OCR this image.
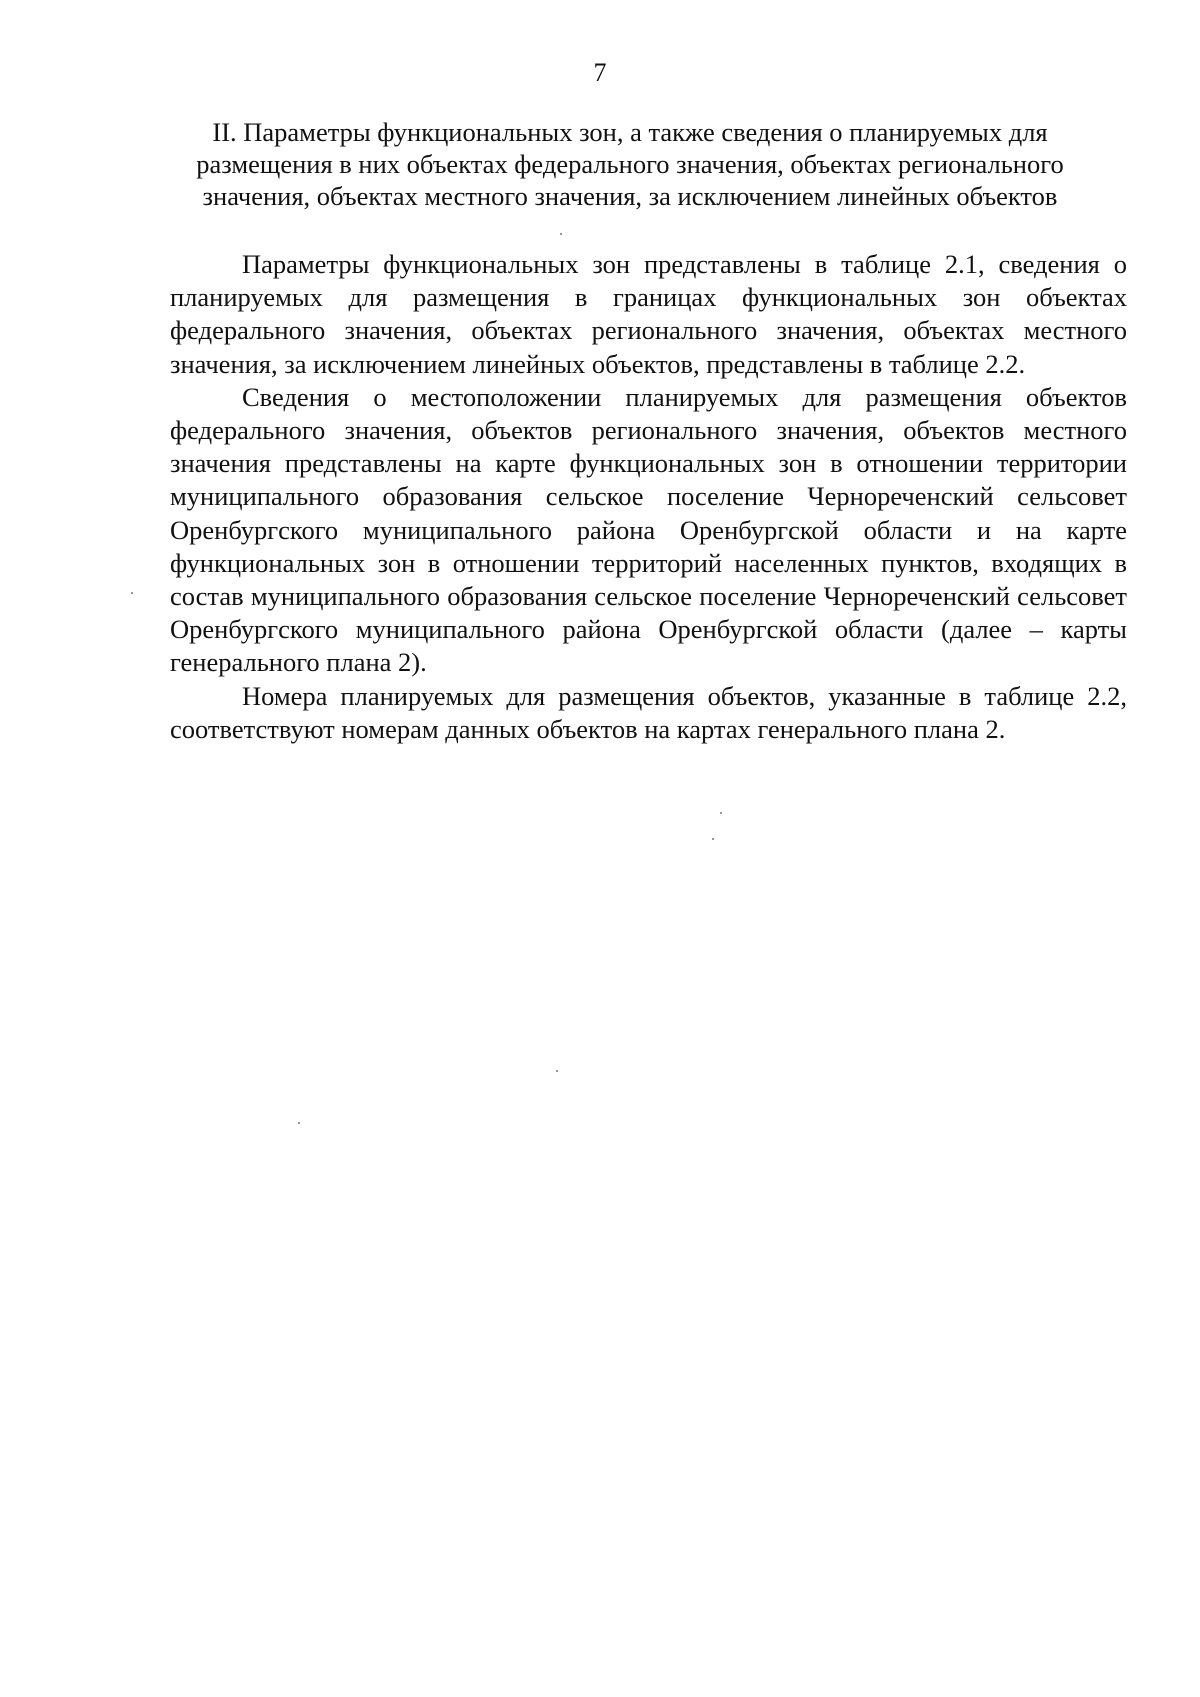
7
II. Параметры функциональных зон, а также сведения о планируемых для размещения в них объектах федерального значения, объектах регионального значения, объектах местного значения, за исключением линейных объектов

Параметры функциональных зон представлены в таблице 2.1, сведения о планируемых для размещения в границах функциональных зон объектах федерального значения, объектах регионального значения, объектах местного значения, за исключением линейных объектов, представлены в таблице 2.2.

Сведения о местоположении планируемых для размещения объектов федерального значения, объектов регионального значения, объектов местного значения представлены на карте функциональных зон в отношении территории муниципального образования сельское поселение Чернореченский сельсовет Оренбургского муниципального района Оренбургской области и на карте функциональных зон в отношении территорий населенных пунктов, входящих в состав муниципального образования сельское поселение Чернореченский сельсовет Оренбургского муниципального района Оренбургской области (далее – карты генерального плана 2).

Номера планируемых для размещения объектов, указанные в таблице 2.2, соответствуют номерам данных объектов на картах генерального плана 2.
